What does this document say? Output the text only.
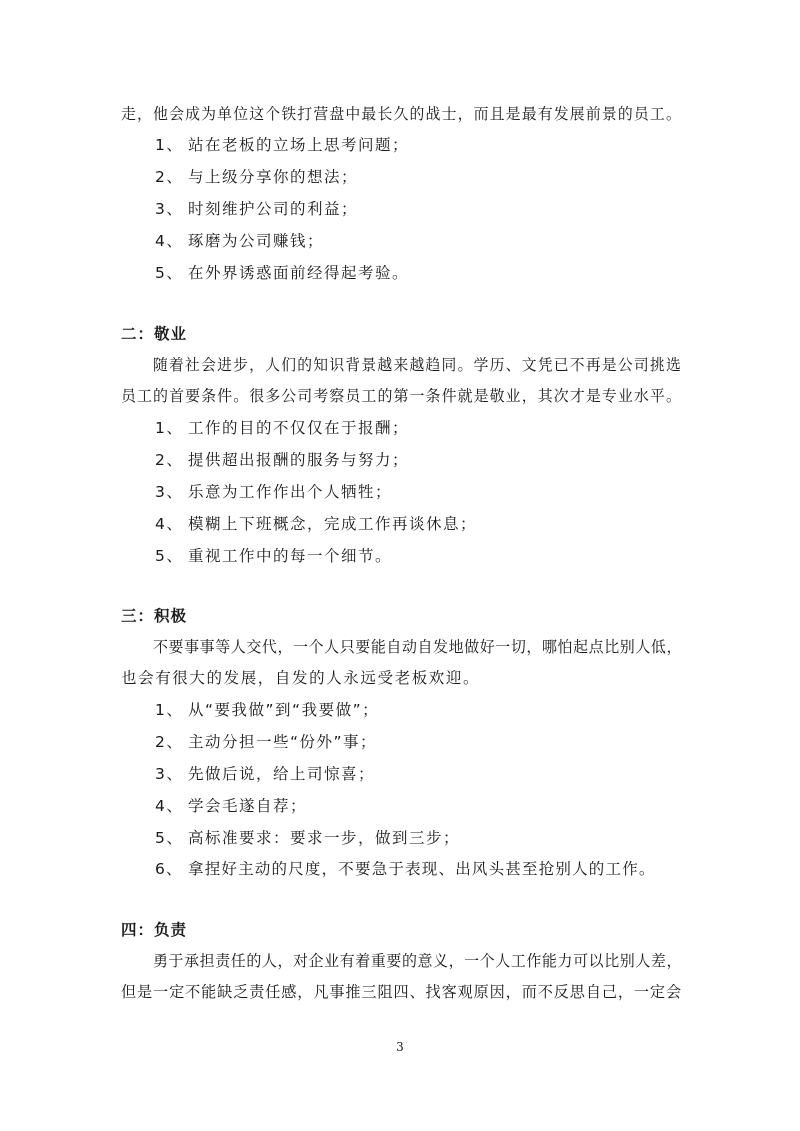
走，他会成为单位这个铁打营盘中最长久的战士，而且是最有发展前景的员工。
1、 站在老板的立场上思考问题；
2、 与上级分享你的想法；
3、 时刻维护公司的利益；
4、 琢磨为公司赚钱；
5、 在外界诱惑面前经得起考验。
二：敬业
随着社会进步，人们的知识背景越来越趋同。学历、文凭已不再是公司挑选
员工的首要条件。很多公司考察员工的第一条件就是敬业，其次才是专业水平。
1、 工作的目的不仅仅在于报酬；
2、 提供超出报酬的服务与努力；
3、 乐意为工作作出个人牺牲；
4、 模糊上下班概念，完成工作再谈休息；
5、 重视工作中的每一个细节。
三：积极
不要事事等人交代，一个人只要能自动自发地做好一切，哪怕起点比别人低，
也会有很大的发展，自发的人永远受老板欢迎。
1、 从“要我做”到“我要做”；
2、 主动分担一些“份外”事；
3、 先做后说，给上司惊喜；
4、 学会毛遂自荐；
5、 高标准要求：要求一步，做到三步；
6、 拿捏好主动的尺度，不要急于表现、出风头甚至抢别人的工作。
四：负责
勇于承担责任的人，对企业有着重要的意义，一个人工作能力可以比别人差，
但是一定不能缺乏责任感，凡事推三阻四、找客观原因，而不反思自己，一定会
3
